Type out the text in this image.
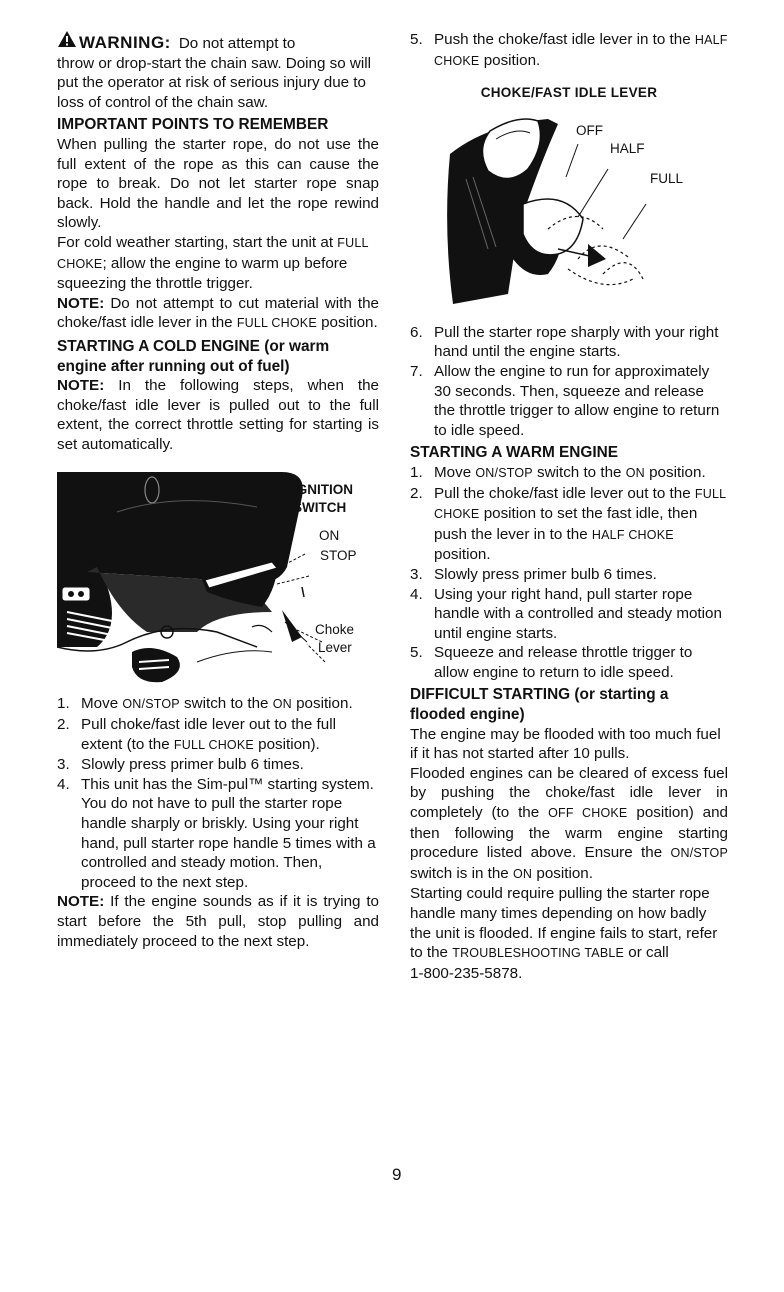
WARNING: Do not attempt to

throw or drop-start the chain saw. Doing so will put the operator at risk of serious injury due to loss of control of the chain saw.

IMPORTANT POINTS TO REMEMBER

When pulling the starter rope, do not use the full extent of the rope as this can cause the rope to break. Do not let starter rope snap back. Hold the handle and let the rope rewind slowly.

For cold weather starting, start the unit at FULL CHOKE; allow the engine to warm up before squeezing the throttle trigger.

NOTE: Do not attempt to cut material with the choke/fast idle lever in the FULL CHOKE position.

STARTING A COLD ENGINE (or warm engine after running out of fuel)

NOTE: In the following steps, when the choke/fast idle lever is pulled out to the full extent, the correct throttle setting for starting is set automatically.

IGNITION
SWITCH
ON
STOP
Choke
Lever
1. Move ON/STOP switch to the ON position.
2. Pull choke/fast idle lever out to the full extent (to the FULL CHOKE position).
3. Slowly press primer bulb 6 times.
4. This unit has the Sim-pul™ starting system. You do not have to pull the starter rope handle sharply or briskly. Using your right hand, pull starter rope handle 5 times with a controlled and steady motion. Then, proceed to the next step.

NOTE: If the engine sounds as if it is trying to start before the 5th pull, stop pulling and immediately proceed to the next step.

5. Push the choke/fast idle lever in to the HALF CHOKE position.

CHOKE/FAST IDLE LEVER

OFF
HALF
FULL
6. Pull the starter rope sharply with your right hand until the engine starts.
7. Allow the engine to run for approximately 30 seconds. Then, squeeze and release the throttle trigger to allow engine to return to idle speed.

STARTING A WARM ENGINE

1. Move ON/STOP switch to the ON position.
2. Pull the choke/fast idle lever out to the FULL CHOKE position to set the fast idle, then push the lever in to the HALF CHOKE position.
3. Slowly press primer bulb 6 times.
4. Using your right hand, pull starter rope handle with a controlled and steady motion until engine starts.
5. Squeeze and release throttle trigger to allow engine to return to idle speed.

DIFFICULT STARTING (or starting a flooded engine)

The engine may be flooded with too much fuel if it has not started after 10 pulls.

Flooded engines can be cleared of excess fuel by pushing the choke/fast idle lever in completely (to the OFF CHOKE position) and then following the warm engine starting procedure listed above. Ensure the ON/STOP switch is in the ON position.

Starting could require pulling the starter rope handle many times depending on how badly the unit is flooded. If engine fails to start, refer to the TROUBLESHOOTING TABLE or call
1-800-235-5878.

9
